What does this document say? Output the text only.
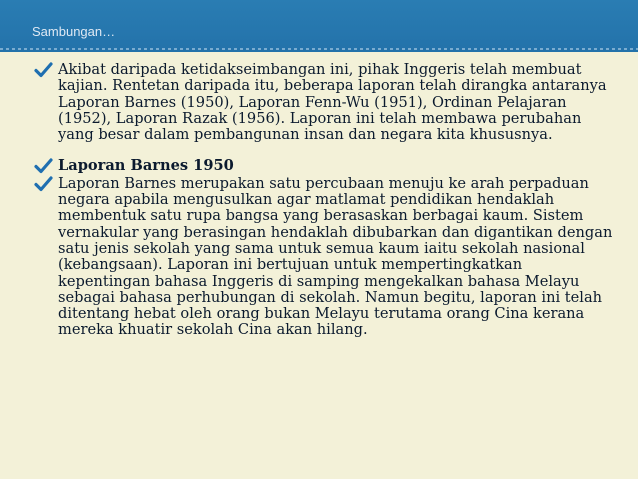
Sambungan…
Akibat daripada ketidakseimbangan ini, pihak Inggeris telah membuat kajian. Rentetan daripada itu, beberapa laporan telah dirangka antaranya Laporan Barnes (1950), Laporan Fenn-Wu (1951), Ordinan Pelajaran (1952), Laporan Razak (1956). Laporan ini telah membawa perubahan yang besar dalam pembangunan insan dan negara kita khususnya.
Laporan Barnes 1950
Laporan Barnes merupakan satu percubaan menuju ke arah perpaduan negara apabila mengusulkan agar matlamat pendidikan hendaklah membentuk satu rupa bangsa yang berasaskan berbagai kaum. Sistem vernakular yang berasingan hendaklah dibubarkan dan digantikan dengan satu jenis sekolah yang sama untuk semua kaum iaitu sekolah nasional (kebangsaan). Laporan ini bertujuan untuk mempertingkatkan kepentingan bahasa Inggeris di samping mengekalkan bahasa Melayu sebagai bahasa perhubungan di sekolah. Namun begitu, laporan ini telah ditentang hebat oleh orang bukan Melayu terutama orang Cina kerana mereka khuatir sekolah Cina akan hilang.
